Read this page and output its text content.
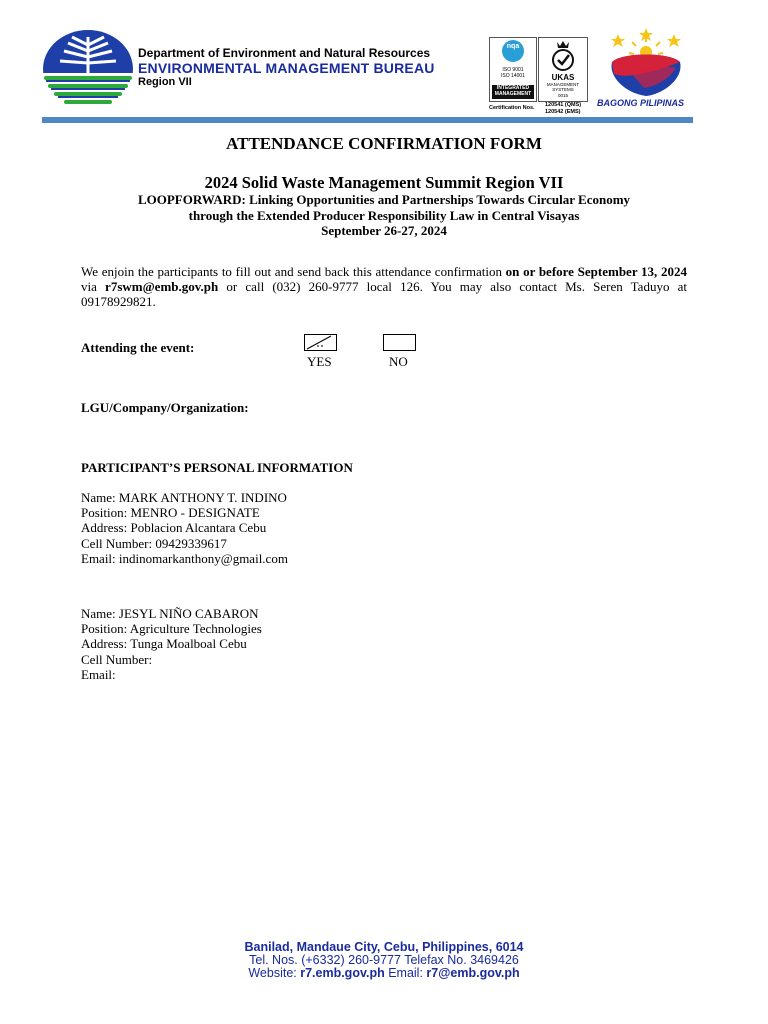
Department of Environment and Natural Resources
ENVIRONMENTAL MANAGEMENT BUREAU
Region VII
nqa
ISO 9001
ISO 14001
INTEGRATED MANAGEMENT
UKAS
MANAGEMENT SYSTEMS
0015
Certification Nos. 120541 (QMS)
120542 (EMS)
BAGONG PILIPINAS
ATTENDANCE CONFIRMATION FORM
2024 Solid Waste Management Summit Region VII
LOOPFORWARD: Linking Opportunities and Partnerships Towards Circular Economy
through the Extended Producer Responsibility Law in Central Visayas
September 26-27, 2024
We enjoin the participants to fill out and send back this attendance confirmation on or before September 13, 2024 via r7swm@emb.gov.ph or call (032) 260-9777 local 126. You may also contact Ms. Seren Taduyo at 09178929821.
Attending the event:
YES	NO
LGU/Company/Organization:
PARTICIPANT’S PERSONAL INFORMATION
Name: MARK ANTHONY T. INDINO
Position: MENRO - DESIGNATE
Address: Poblacion Alcantara Cebu
Cell Number: 09429339617
Email: indinomarkanthony@gmail.com
Name: JESYL NIÑO CABARON
Position: Agriculture Technologies
Address: Tunga Moalboal Cebu
Cell Number:
Email:
Banilad, Mandaue City, Cebu, Philippines, 6014
Tel. Nos. (+6332) 260-9777 Telefax No. 3469426
Website: r7.emb.gov.ph Email: r7@emb.gov.ph
